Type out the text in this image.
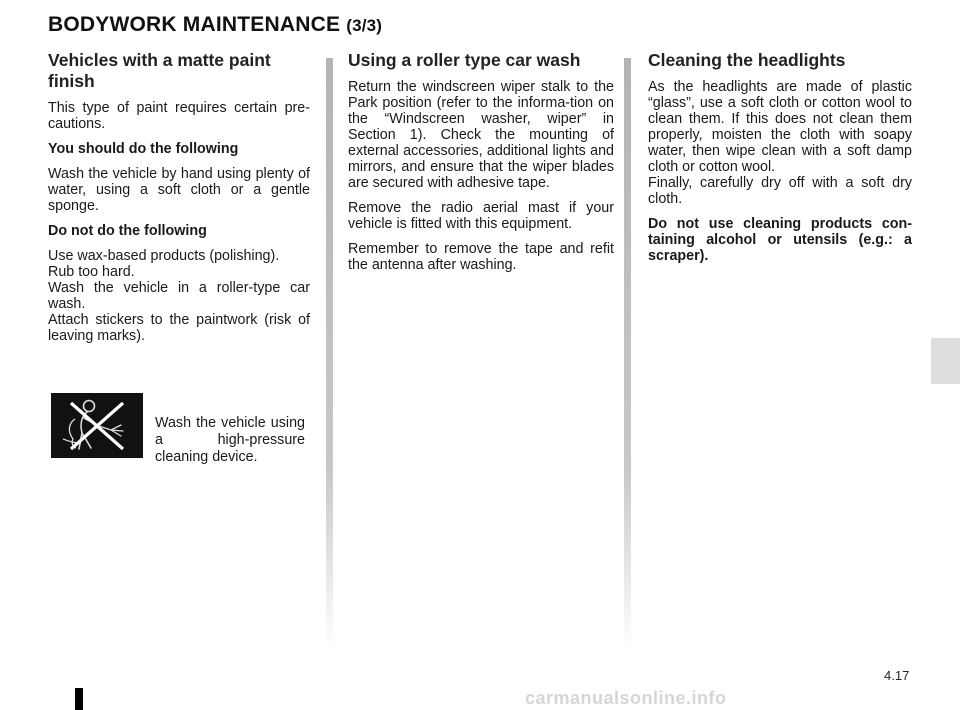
BODYWORK MAINTENANCE (3/3)
Vehicles with a matte paint finish

This type of paint requires certain pre-cautions.

You should do the following

Wash the vehicle by hand using plenty of water, using a soft cloth or a gentle sponge.

Do not do the following

Use wax-based products (polishing).
Rub too hard.
Wash the vehicle in a roller-type car wash.
Attach stickers to the paintwork (risk of leaving marks).

Wash the vehicle using a high-pressure cleaning device.

Using a roller type car wash

Return the windscreen wiper stalk to the Park position (refer to the informa-tion on the “Windscreen washer, wiper” in Section 1). Check the mounting of external accessories, additional lights and mirrors, and ensure that the wiper blades are secured with adhesive tape.

Remove the radio aerial mast if your vehicle is fitted with this equipment.

Remember to remove the tape and refit the antenna after washing.

Cleaning the headlights

As the headlights are made of plastic “glass”, use a soft cloth or cotton wool to clean them. If this does not clean them properly, moisten the cloth with soapy water, then wipe clean with a soft damp cloth or cotton wool.

Finally, carefully dry off with a soft dry cloth.

Do not use cleaning products con-taining alcohol or utensils (e.g.: a scraper).

4.17
carmanualsonline.info
